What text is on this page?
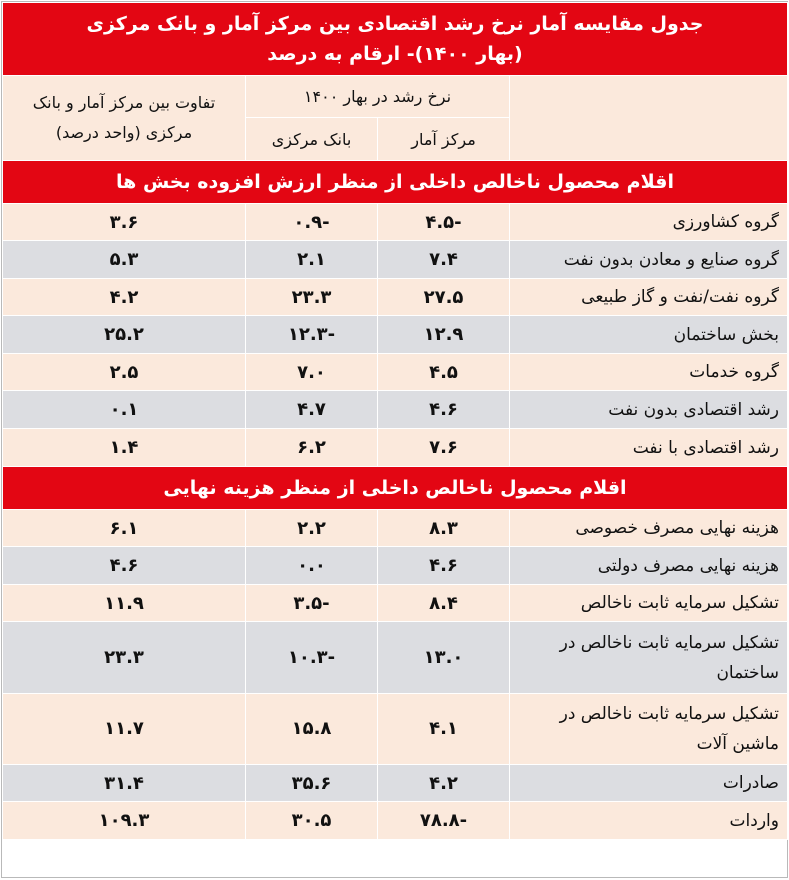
جدول مقایسه آمار نرخ رشد اقتصادی بین مرکز آمار و بانک مرکزی
(بهار ۱۴۰۰)- ارقام به درصد			

	نرخ رشد در بهار ۱۴۰۰		تفاوت بین مرکز آمار و بانک مرکزی (واحد درصد)
	مرکز آمار	بانک مرکزی	
اقلام محصول ناخالص داخلی از منظر ارزش افزوده بخش ها			
گروه کشاورزی	-۴.۵	-۰.۹	۳.۶
گروه صنایع و معادن بدون نفت	۷.۴	۲.۱	۵.۳
گروه نفت/نفت و گاز طبیعی	۲۷.۵	۲۳.۳	۴.۲
بخش ساختمان	۱۲.۹	-۱۲.۳	۲۵.۲
گروه خدمات	۴.۵	۷.۰	۲.۵
رشد اقتصادی بدون نفت	۴.۶	۴.۷	۰.۱
رشد اقتصادی با نفت	۷.۶	۶.۲	۱.۴
اقلام محصول ناخالص داخلی از منظر هزینه نهایی			
هزینه نهایی مصرف خصوصی	۸.۳	۲.۲	۶.۱
هزینه نهایی مصرف دولتی	۴.۶	۰.۰	۴.۶
تشکیل سرمایه ثابت ناخالص	۸.۴	-۳.۵	۱۱.۹
تشکیل سرمایه ثابت ناخالص در ساختمان	۱۳.۰	-۱۰.۳	۲۳.۳
تشکیل سرمایه ثابت ناخالص در ماشین آلات	۴.۱	۱۵.۸	۱۱.۷
صادرات	۴.۲	۳۵.۶	۳۱.۴
واردات	-۷۸.۸	۳۰.۵	۱۰۹.۳
